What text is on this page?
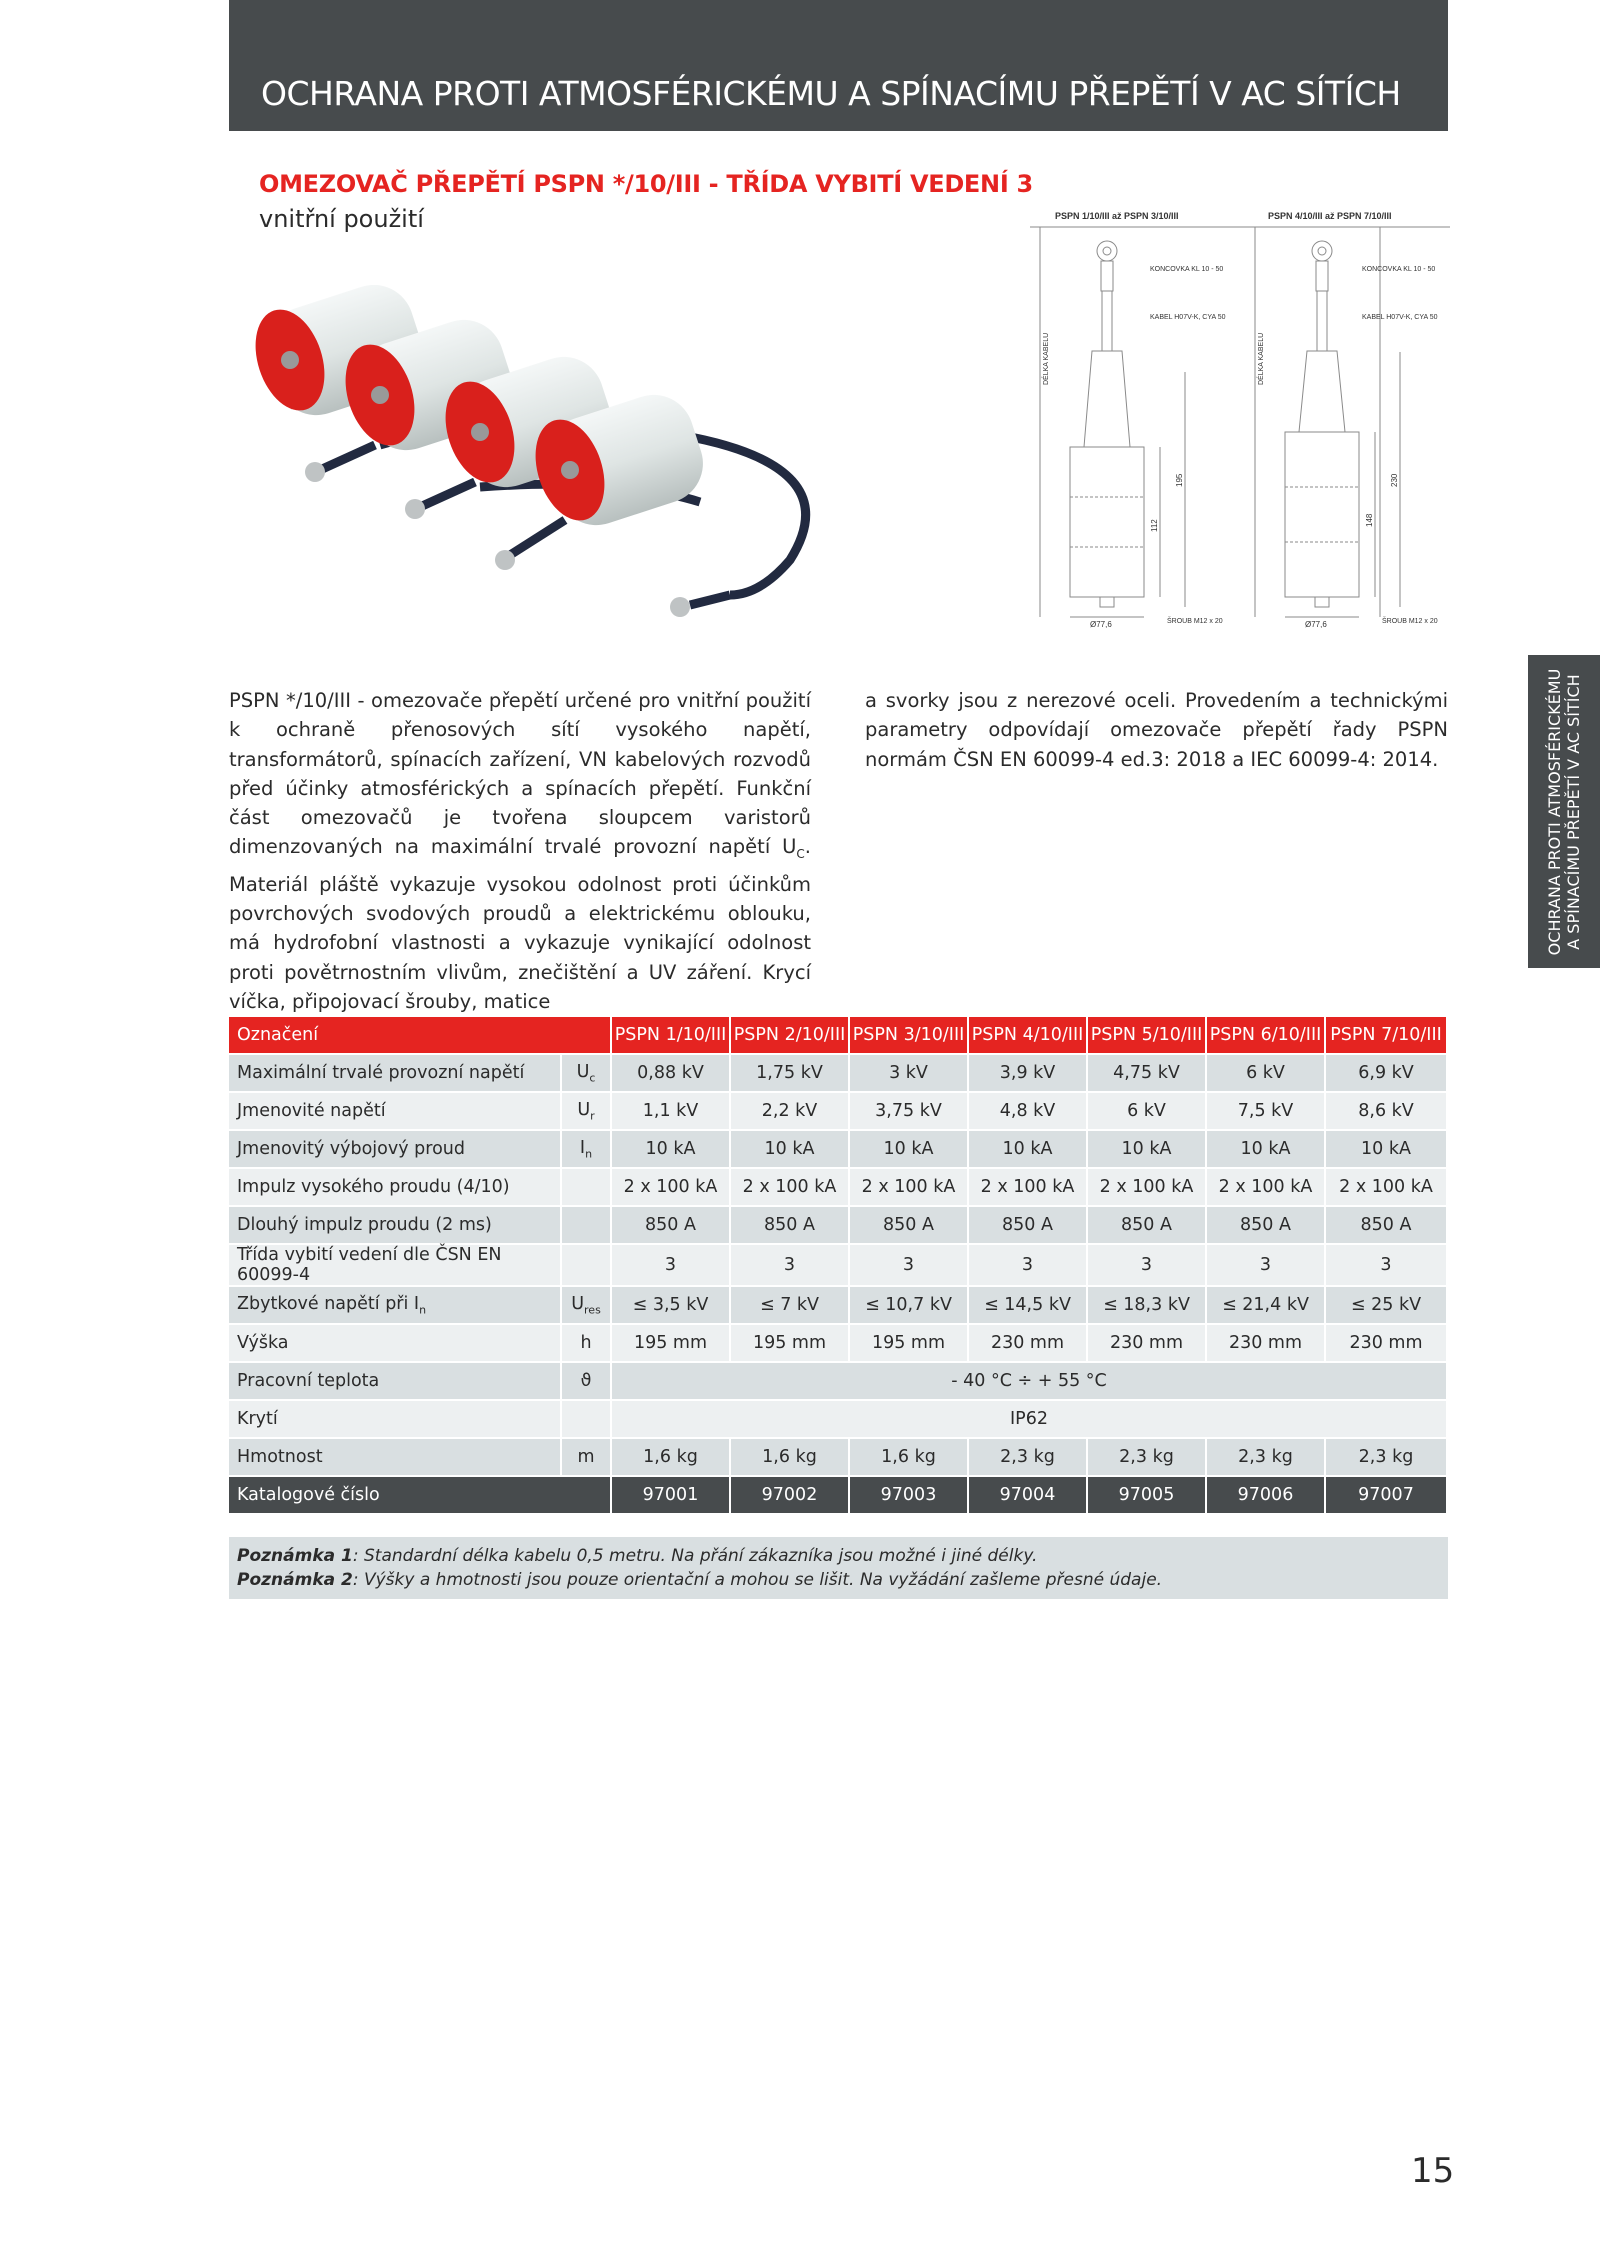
OCHRANA PROTI ATMOSFÉRICKÉMU A SPÍNACÍMU PŘEPĚTÍ V AC SÍTÍCH
OMEZOVAČ PŘEPĚTÍ PSPN */10/III - TŘÍDA VYBITÍ VEDENÍ 3
vnitřní použití
HAKEL
PSPN 1/10/III až PSPN 3/10/III	PSPN 4/10/III až PSPN 7/10/III
KONCOVKA KL 10 - 50
KABEL H07V-K, CYA 50
KONCOVKA KL 10 - 50
KABEL H07V-K, CYA 50
DÉLKA KABELU	DÉLKA KABELU
195
112
230
148
Ø77,6	Ø77,6
ŠROUB M12 x 20	ŠROUB M12 x 20
OCHRANA PROTI ATMOSFÉRICKÉMU A SPÍNACÍMU PŘEPĚTÍ V AC SÍTÍCH
PSPN */10/III - omezovače přepětí určené pro vnitřní použití k ochraně přenosových sítí vysokého napětí, transformátorů, spínacích zařízení, VN kabelových rozvodů před účinky atmosférických a spínacích přepětí. Funkční část omezovačů je tvořena sloupcem varistorů dimenzovaných na maximální trvalé provozní napětí $U_C$. Materiál pláště vykazuje vysokou odolnost proti účinkům povrchových svodových proudů a elektrickému oblouku, má hydrofobní vlastnosti a vykazuje vynikající odolnost proti povětrnostním vlivům, znečištění a UV záření. Krycí víčka, připojovací šrouby, matice
a svorky jsou z nerezové oceli. Provedením a technickými parametry odpovídají omezovače přepětí řady PSPN normám ČSN EN 60099-4 ed.3: 2018 a IEC 60099-4: 2014.
Označení		PSPN 1/10/III	PSPN 2/10/III	PSPN 3/10/III	PSPN 4/10/III	PSPN 5/10/III	PSPN 6/10/III	PSPN 7/10/III
Maximální trvalé provozní napětí	$U_c$	0,88 kV	1,75 kV	3 kV	3,9 kV	4,75 kV	6 kV	6,9 kV
Jmenovité napětí	$U_r$	1,1 kV	2,2 kV	3,75 kV	4,8 kV	6 kV	7,5 kV	8,6 kV
Jmenovitý výbojový proud	$I_n$	10 kA	10 kA	10 kA	10 kA	10 kA	10 kA	10 kA
Impulz vysokého proudu (4/10)		2 x 100 kA	2 x 100 kA	2 x 100 kA	2 x 100 kA	2 x 100 kA	2 x 100 kA	2 x 100 kA
Dlouhý impulz proudu (2 ms)		850 A	850 A	850 A	850 A	850 A	850 A	850 A
Třída vybití vedení dle ČSN EN 60099-4		3	3	3	3	3	3	3
Zbytkové napětí při $I_n$	$U_{res}$	≤ 3,5 kV	≤ 7 kV	≤ 10,7 kV	≤ 14,5 kV	≤ 18,3 kV	≤ 21,4 kV	≤ 25 kV
Výška	h	195 mm	195 mm	195 mm	230 mm	230 mm	230 mm	230 mm
Pracovní teplota	ϑ	- 40 °C ÷ + 55 °C						
Krytí		IP62						
Hmotnost	m	1,6 kg	1,6 kg	1,6 kg	2,3 kg	2,3 kg	2,3 kg	2,3 kg
Katalogové číslo		97001	97002	97003	97004	97005	97006	97007
Poznámka 1: Standardní délka kabelu 0,5 metru. Na přání zákazníka jsou možné i jiné délky.
Poznámka 2: Výšky a hmotnosti jsou pouze orientační a mohou se lišit. Na vyžádání zašleme přesné údaje.
15
